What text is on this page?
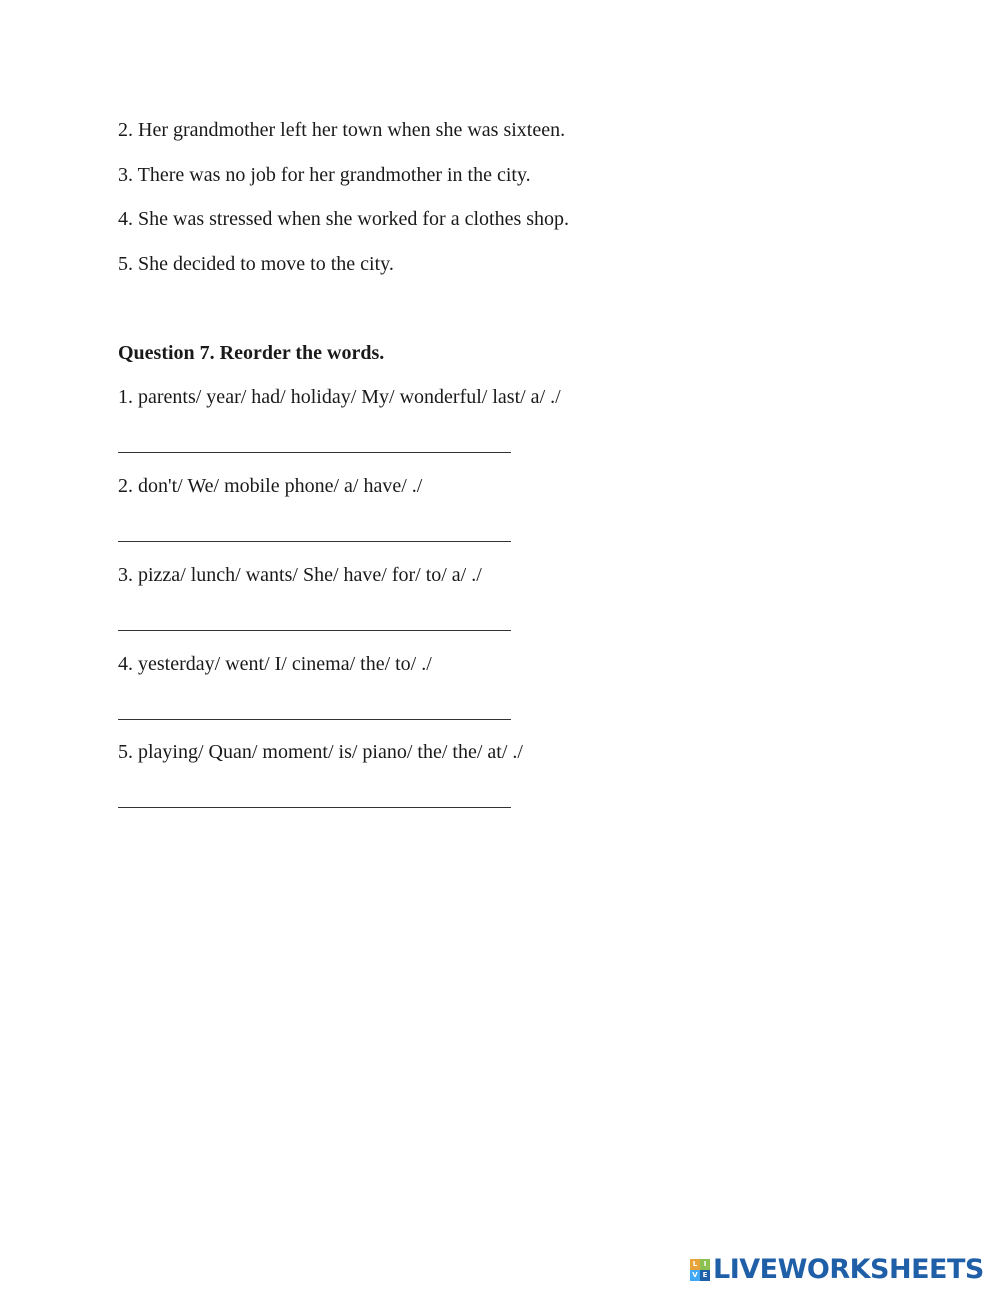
2. Her grandmother left her town when she was sixteen.
3. There was no job for her grandmother in the city.
4. She was stressed when she worked for a clothes shop.
5. She decided to move to the city.
Question 7. Reorder the words.
1. parents/ year/ had/ holiday/ My/ wonderful/ last/ a/ ./
2. don't/ We/ mobile phone/ a/ have/ ./
3. pizza/ lunch/ wants/ She/ have/ for/ to/ a/ ./
4. yesterday/ went/ I/ cinema/ the/ to/ ./
5. playing/ Quan/ moment/ is/ piano/ the/ the/ at/ ./
L I
V E LIVEWORKSHEETS
